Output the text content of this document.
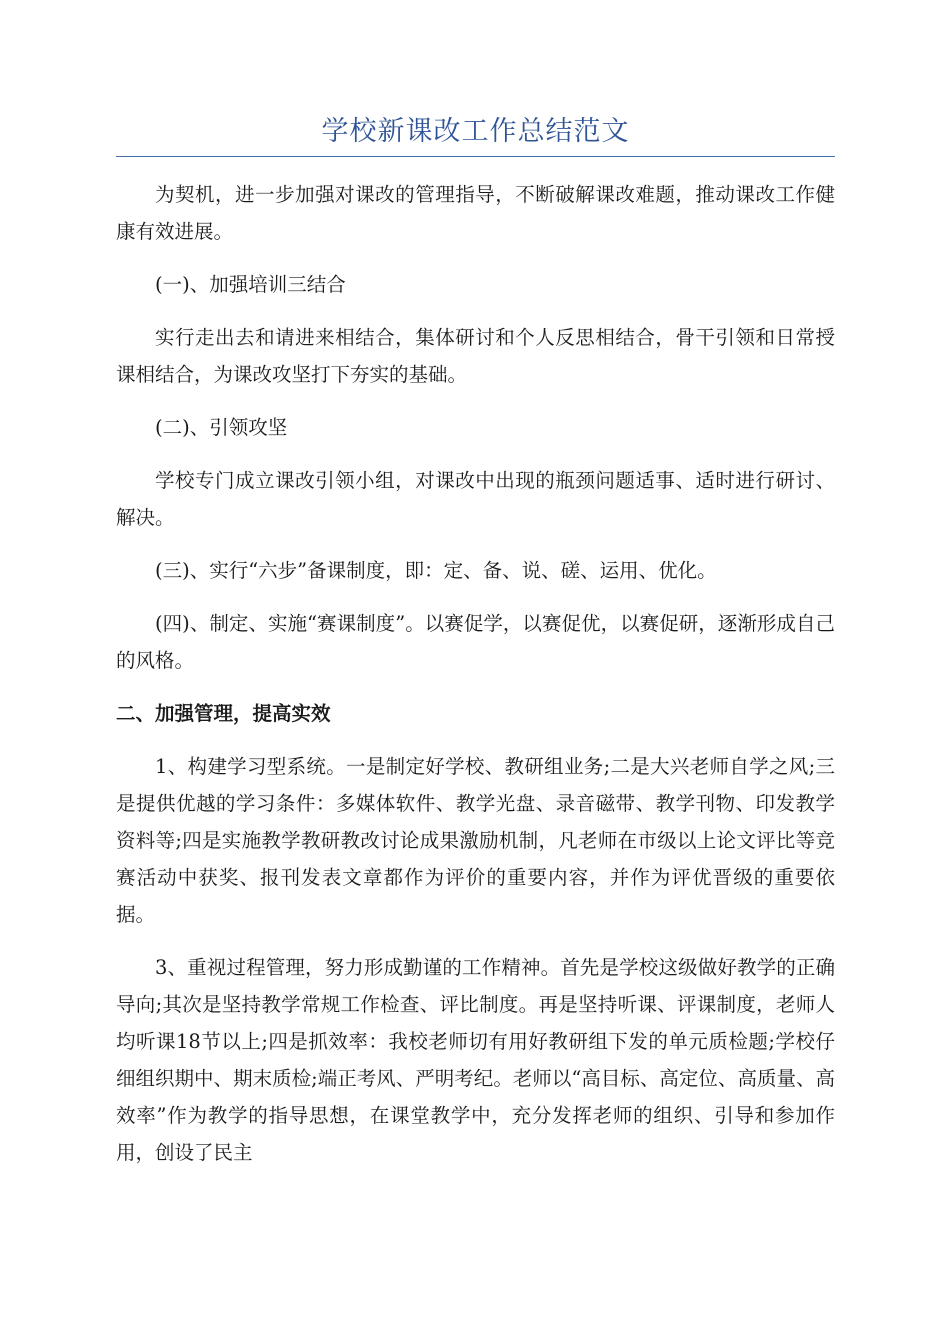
学校新课改工作总结范文

为契机，进一步加强对课改的管理指导，不断破解课改难题，推动课改工作健康有效进展。

(一)、加强培训三结合

实行走出去和请进来相结合，集体研讨和个人反思相结合，骨干引领和日常授课相结合，为课改攻坚打下夯实的基础。

(二)、引领攻坚

学校专门成立课改引领小组，对课改中出现的瓶颈问题适事、适时进行研讨、解决。

(三)、实行“六步”备课制度，即：定、备、说、磋、运用、优化。

(四)、制定、实施“赛课制度”。以赛促学，以赛促优，以赛促研，逐渐形成自己的风格。

二、加强管理，提高实效

1、构建学习型系统。一是制定好学校、教研组业务;二是大兴老师自学之风;三是提供优越的学习条件：多媒体软件、教学光盘、录音磁带、教学刊物、印发教学资料等;四是实施教学教研教改讨论成果激励机制，凡老师在市级以上论文评比等竞赛活动中获奖、报刊发表文章都作为评价的重要内容，并作为评优晋级的重要依据。

3、重视过程管理，努力形成勤谨的工作精神。首先是学校这级做好教学的正确导向;其次是坚持教学常规工作检查、评比制度。再是坚持听课、评课制度，老师人均听课18节以上;四是抓效率：我校老师切有用好教研组下发的单元质检题;学校仔细组织期中、期末质检;端正考风、严明考纪。老师以“高目标、高定位、高质量、高效率”作为教学的指导思想，在课堂教学中，充分发挥老师的组织、引导和参加作用，创设了民主
